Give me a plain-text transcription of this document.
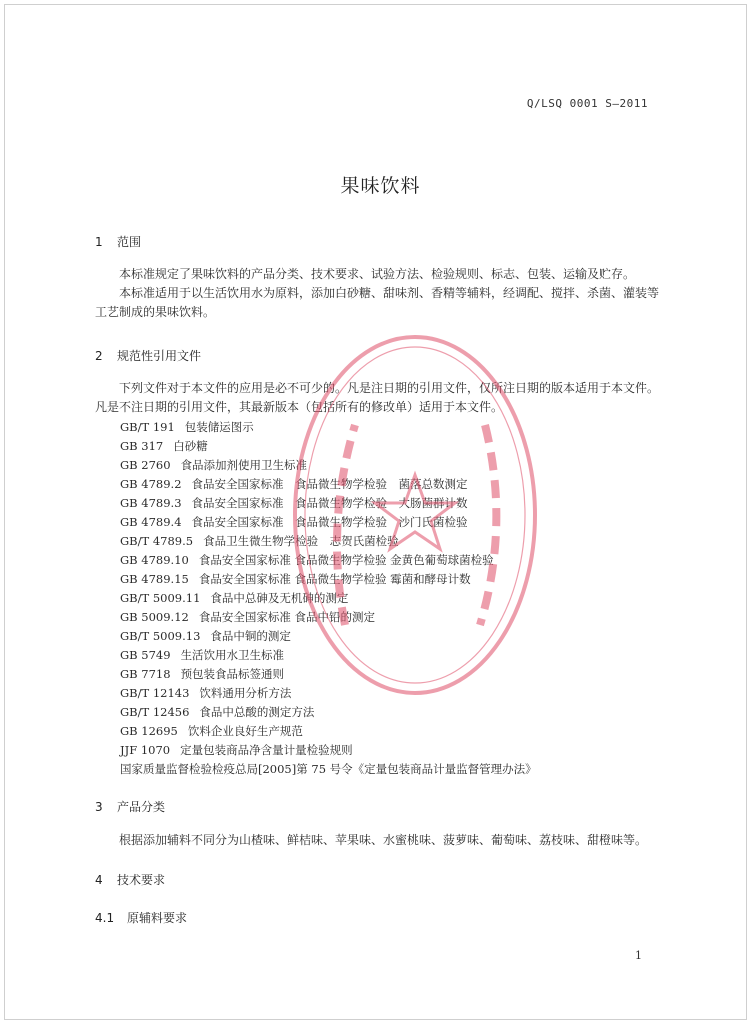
Q/LSQ 0001 S—2011
果味饮料
1 范围

本标准规定了果味饮料的产品分类、技术要求、试验方法、检验规则、标志、包装、运输及贮存。

本标准适用于以生活饮用水为原料，添加白砂糖、甜味剂、香精等辅料，经调配、搅拌、杀菌、灌装等工艺制成的果味饮料。

2 规范性引用文件

下列文件对于本文件的应用是必不可少的。凡是注日期的引用文件，仅所注日期的版本适用于本文件。凡是不注日期的引用文件，其最新版本（包括所有的修改单）适用于本文件。

GB/T 191 包装储运图示
GB 317 白砂糖
GB 2760 食品添加剂使用卫生标准
GB 4789.2 食品安全国家标准　食品微生物学检验　菌落总数测定
GB 4789.3 食品安全国家标准　食品微生物学检验　大肠菌群计数
GB 4789.4 食品安全国家标准　食品微生物学检验　沙门氏菌检验
GB/T 4789.5 食品卫生微生物学检验　志贺氏菌检验
GB 4789.10 食品安全国家标准 食品微生物学检验 金黄色葡萄球菌检验
GB 4789.15 食品安全国家标准 食品微生物学检验 霉菌和酵母计数
GB/T 5009.11 食品中总砷及无机砷的测定
GB 5009.12 食品安全国家标准 食品中铅的测定
GB/T 5009.13 食品中铜的测定
GB 5749 生活饮用水卫生标准
GB 7718 预包装食品标签通则
GB/T 12143 饮料通用分析方法
GB/T 12456 食品中总酸的测定方法
GB 12695 饮料企业良好生产规范
JJF 1070 定量包装商品净含量计量检验规则
国家质量监督检验检疫总局[2005]第 75 号令《定量包装商品计量监督管理办法》
3 产品分类

根据添加辅料不同分为山楂味、鲜桔味、苹果味、水蜜桃味、菠萝味、葡萄味、荔枝味、甜橙味等。

4 技术要求
4.1 原辅料要求
1
